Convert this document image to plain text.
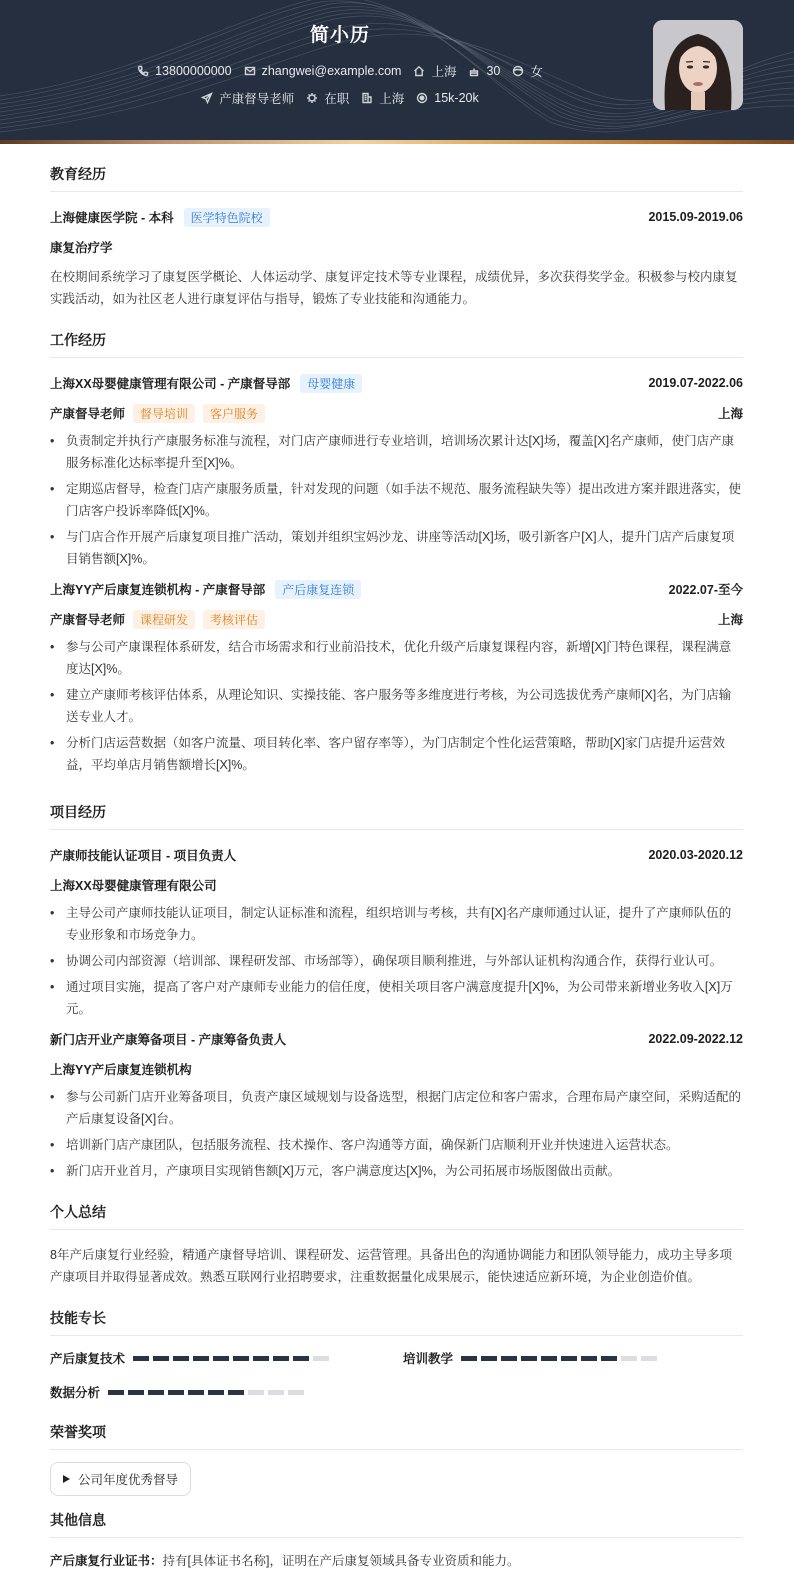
简小历
13800000000 zhangwei@example.com 上海 30 女
产康督导老师 在职 上海 15k-20k
教育经历
上海健康医学院 - 本科	医学特色院校	2015.09-2019.06
康复治疗学
在校期间系统学习了康复医学概论、人体运动学、康复评定技术等专业课程，成绩优异，多次获得奖学金。积极参与校内康复实践活动，如为社区老人进行康复评估与指导，锻炼了专业技能和沟通能力。
工作经历
上海XX母婴健康管理有限公司 - 产康督导部	母婴健康	2019.07-2022.06
产康督导老师	督导培训	客户服务	上海
• 负责制定并执行产康服务标准与流程，对门店产康师进行专业培训，培训场次累计达[X]场，覆盖[X]名产康师，使门店产康服务标准化达标率提升至[X]%。
• 定期巡店督导，检查门店产康服务质量，针对发现的问题（如手法不规范、服务流程缺失等）提出改进方案并跟进落实，使门店客户投诉率降低[X]%。
• 与门店合作开展产后康复项目推广活动，策划并组织宝妈沙龙、讲座等活动[X]场，吸引新客户[X]人，提升门店产后康复项目销售额[X]%。
上海YY产后康复连锁机构 - 产康督导部	产后康复连锁	2022.07-至今
产康督导老师	课程研发	考核评估	上海
• 参与公司产康课程体系研发，结合市场需求和行业前沿技术，优化升级产后康复课程内容，新增[X]门特色课程，课程满意度达[X]%。
• 建立产康师考核评估体系，从理论知识、实操技能、客户服务等多维度进行考核，为公司选拔优秀产康师[X]名，为门店输送专业人才。
• 分析门店运营数据（如客户流量、项目转化率、客户留存率等），为门店制定个性化运营策略，帮助[X]家门店提升运营效益，平均单店月销售额增长[X]%。
项目经历
产康师技能认证项目 - 项目负责人	2020.03-2020.12
上海XX母婴健康管理有限公司
• 主导公司产康师技能认证项目，制定认证标准和流程，组织培训与考核，共有[X]名产康师通过认证，提升了产康师队伍的专业形象和市场竞争力。
• 协调公司内部资源（培训部、课程研发部、市场部等），确保项目顺利推进，与外部认证机构沟通合作，获得行业认可。
• 通过项目实施，提高了客户对产康师专业能力的信任度，使相关项目客户满意度提升[X]%，为公司带来新增业务收入[X]万元。
新门店开业产康筹备项目 - 产康筹备负责人	2022.09-2022.12
上海YY产后康复连锁机构
• 参与公司新门店开业筹备项目，负责产康区域规划与设备选型，根据门店定位和客户需求，合理布局产康空间，采购适配的产后康复设备[X]台。
• 培训新门店产康团队，包括服务流程、技术操作、客户沟通等方面，确保新门店顺利开业并快速进入运营状态。
• 新门店开业首月，产康项目实现销售额[X]万元，客户满意度达[X]%，为公司拓展市场版图做出贡献。
个人总结
8年产后康复行业经验，精通产康督导培训、课程研发、运营管理。具备出色的沟通协调能力和团队领导能力，成功主导多项产康项目并取得显著成效。熟悉互联网行业招聘要求，注重数据量化成果展示，能快速适应新环境，为企业创造价值。
技能专长
产后康复技术	培训教学
数据分析
荣誉奖项
公司年度优秀督导
其他信息
产后康复行业证书：持有[具体证书名称]，证明在产后康复领域具备专业资质和能力。
